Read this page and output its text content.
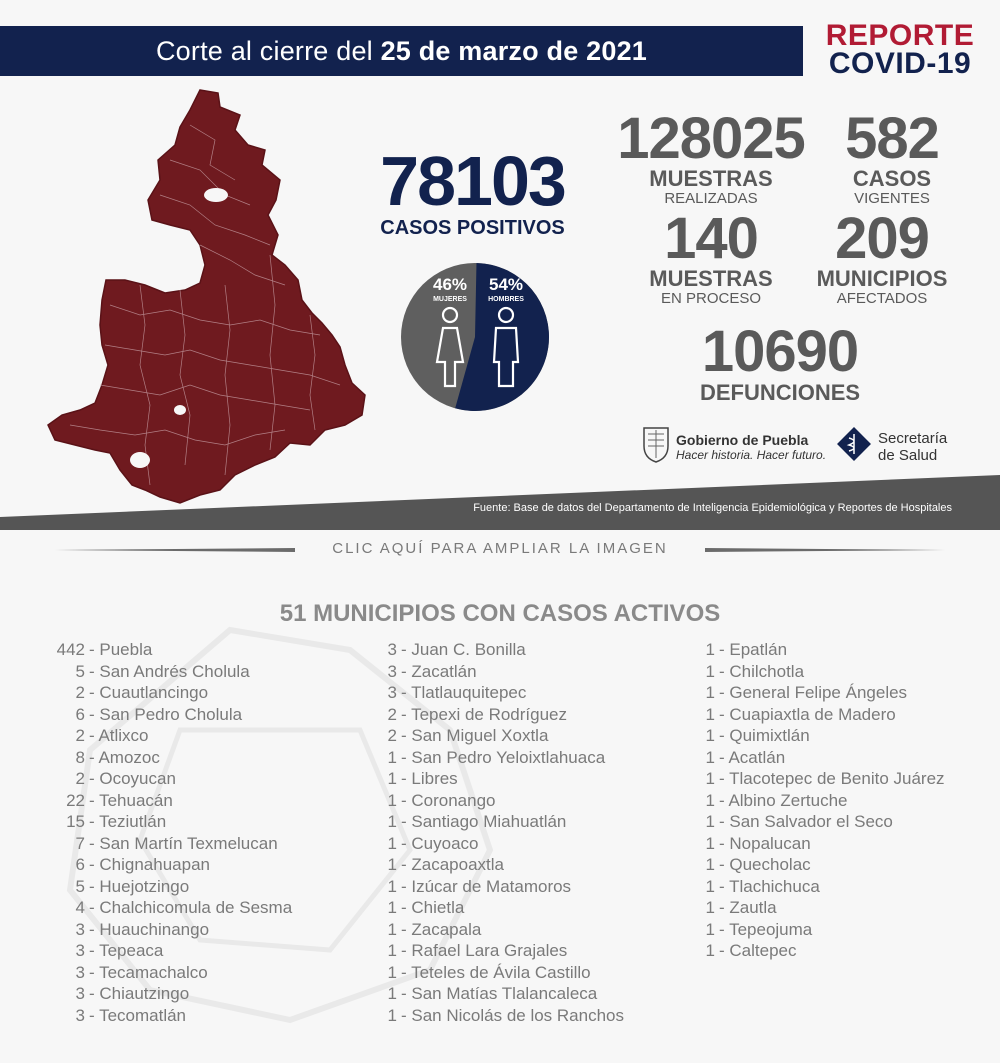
Corte al cierre del 25 de marzo de 2021	REPORTE
COVID-19
78103
CASOS POSITIVOS
46%
MUJERES
54%
HOMBRES
128025
MUESTRAS
REALIZADAS
582
CASOS
VIGENTES
140
MUESTRAS
EN PROCESO
209
MUNICIPIOS
AFECTADOS
10690
DEFUNCIONES
Gobierno de Puebla
Hacer historia. Hacer futuro.
Secretaría
de Salud
Fuente: Base de datos del Departamento de Inteligencia Epidemiológica y Reportes de Hospitales
CLIC AQUÍ PARA AMPLIAR LA IMAGEN
51 MUNICIPIOS CON CASOS ACTIVOS
442 - Puebla
5 - San Andrés Cholula
2 - Cuautlancingo
6 - San Pedro Cholula
2 - Atlixco
8 - Amozoc
2 - Ocoyucan
22 - Tehuacán
15 - Teziutlán
7 - San Martín Texmelucan
6 - Chignahuapan
5 - Huejotzingo
4 - Chalchicomula de Sesma
3 - Huauchinango
3 - Tepeaca
3 - Tecamachalco
3 - Chiautzingo
3 - Tecomatlán
3 - Juan C. Bonilla
3 - Zacatlán
3 - Tlatlauquitepec
2 - Tepexi de Rodríguez
2 - San Miguel Xoxtla
1 - San Pedro Yeloixtlahuaca
1 - Libres
1 - Coronango
1 - Santiago Miahuatlán
1 - Cuyoaco
1 - Zacapoaxtla
1 - Izúcar de Matamoros
1 - Chietla
1 - Zacapala
1 - Rafael Lara Grajales
1 - Teteles de Ávila Castillo
1 - San Matías Tlalancaleca
1 - San Nicolás de los Ranchos
1 - Epatlán
1 - Chilchotla
1 - General Felipe Ángeles
1 - Cuapiaxtla de Madero
1 - Quimixtlán
1 - Acatlán
1 - Tlacotepec de Benito Juárez
1 - Albino Zertuche
1 - San Salvador el Seco
1 - Nopalucan
1 - Quecholac
1 - Tlachichuca
1 - Zautla
1 - Tepeojuma
1 - Caltepec
